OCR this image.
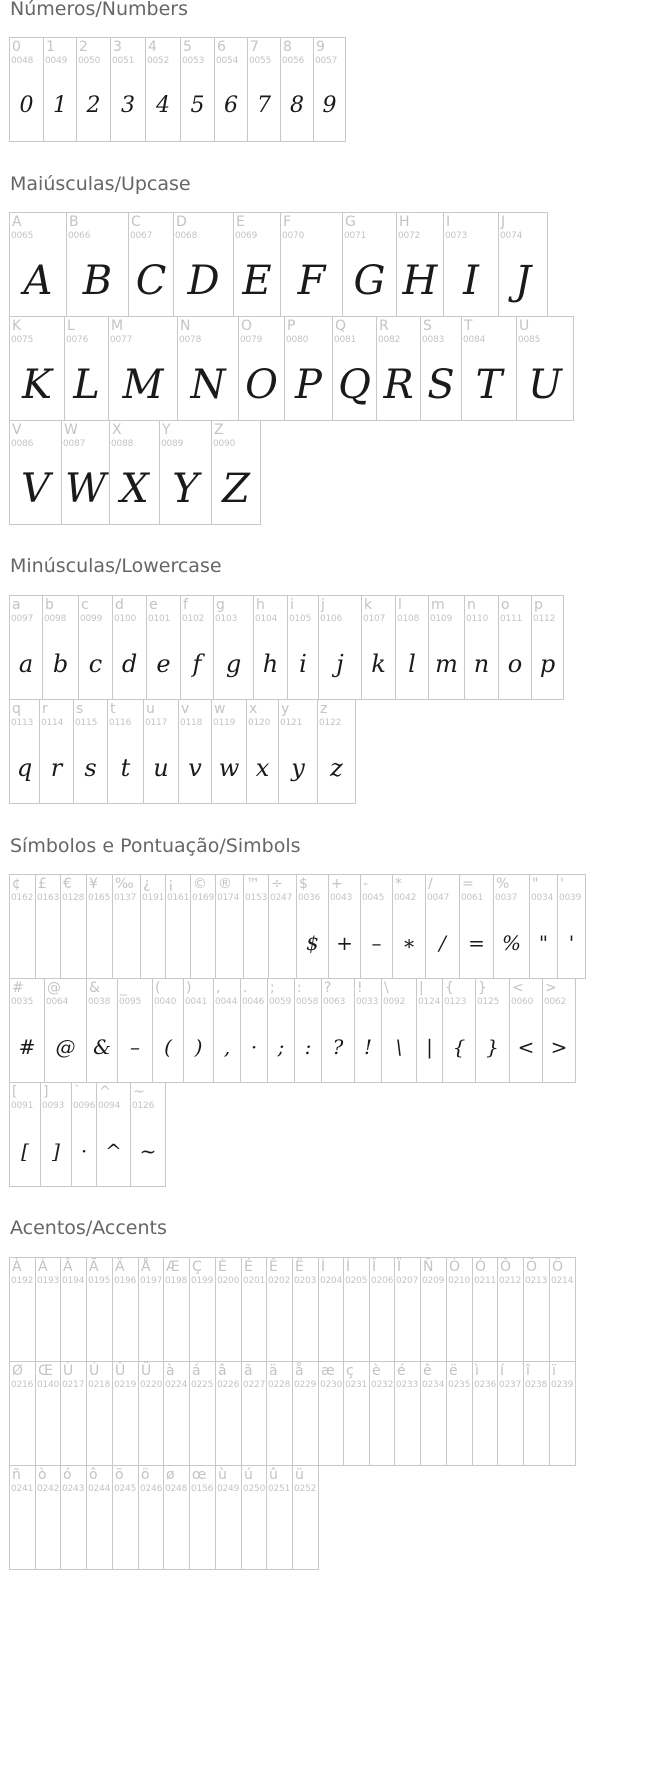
Números/Numbers
0
0048
0
1
0049
1
2
0050
2
3
0051
3
4
0052
4
5
0053
5
6
0054
6
7
0055
7
8
0056
8
9
0057
9
Maiúsculas/Upcase
A
0065
A
B
0066
B
C
0067
C
D
0068
D
E
0069
E
F
0070
F
G
0071
G
H
0072
H
I
0073
I
J
0074
J
K
0075
K
L
0076
L
M
0077
M
N
0078
N
O
0079
O
P
0080
P
Q
0081
Q
R
0082
R
S
0083
S
T
0084
T
U
0085
U
V
0086
V
W
0087
W
X
0088
X
Y
0089
Y
Z
0090
Z
Minúsculas/Lowercase
a
0097
a
b
0098
b
c
0099
c
d
0100
d
e
0101
e
f
0102
f
g
0103
g
h
0104
h
i
0105
i
j
0106
j
k
0107
k
l
0108
l
m
0109
m
n
0110
n
o
0111
o
p
0112
p
q
0113
q
r
0114
r
s
0115
s
t
0116
t
u
0117
u
v
0118
v
w
0119
w
x
0120
x
y
0121
y
z
0122
z
Símbolos e Pontuação/Simbols
¢
0162
£
0163
€
0128
¥
0165
‰
0137
¿
0191
¡
0161
©
0169
®
0174
™
0153
÷
0247
$
0036
$
+
0043
+
-
0045
–
*
0042
∗
/
0047
/
=
0061
=
%
0037
%
"
0034
"
'
0039
'
#
0035
#
@
0064
@
&
0038
&
_
0095
–
(
0040
(
)
0041
)
,
0044
,
.
0046
·
;
0059
;
:
0058
:
?
0063
?
!
0033
!
\
0092
\
|
0124
|
{
0123
{
}
0125
}
<
0060
<
>
0062
>
[
0091
[
]
0093
]
`
0096
·
^
0094
^
~
0126
~
Acentos/Accents
À
0192
Á
0193
Â
0194
Ã
0195
Ä
0196
Å
0197
Æ
0198
Ç
0199
È
0200
É
0201
Ê
0202
Ë
0203
Ì
0204
Í
0205
Î
0206
Ï
0207
Ñ
0209
Ò
0210
Ó
0211
Ô
0212
Õ
0213
Ö
0214
Ø
0216
Œ
0140
Ù
0217
Ú
0218
Û
0219
Ü
0220
à
0224
á
0225
â
0226
ã
0227
ä
0228
å
0229
æ
0230
ç
0231
è
0232
é
0233
ê
0234
ë
0235
ì
0236
í
0237
î
0238
ï
0239
ñ
0241
ò
0242
ó
0243
ô
0244
õ
0245
ö
0246
ø
0248
œ
0156
ù
0249
ú
0250
û
0251
ü
0252
